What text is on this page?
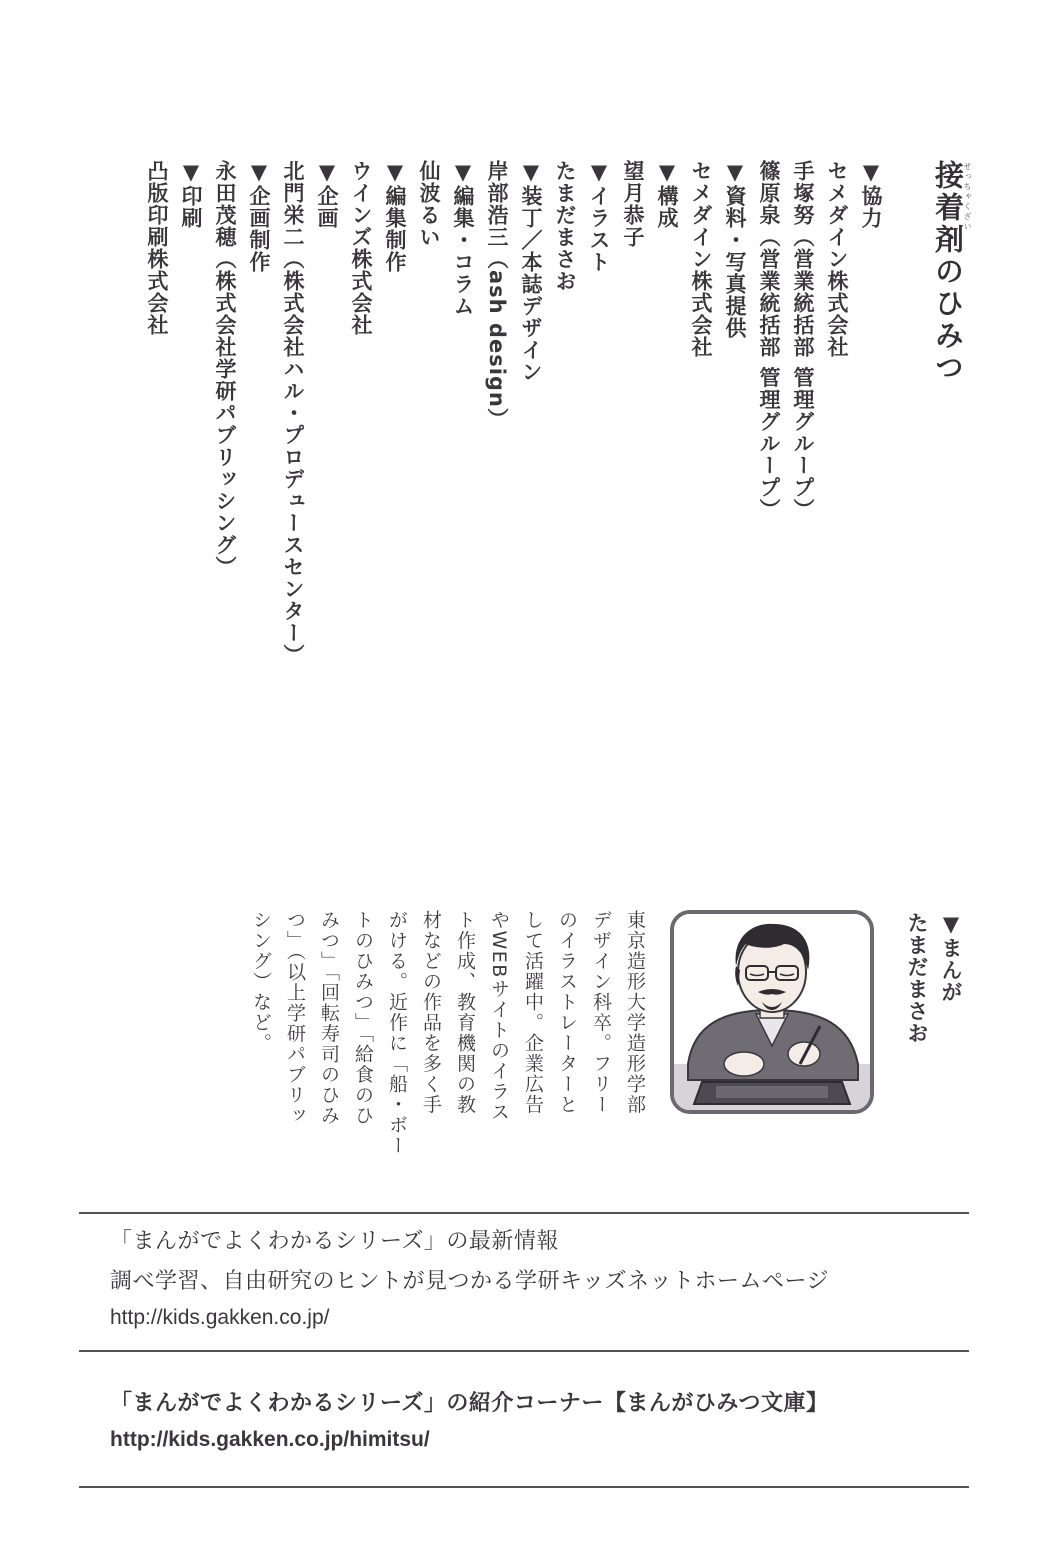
せっちゃくざい
接着剤のひみつ
▼協力
セメダイン株式会社
手塚努（営業統括部 管理グループ）
篠原泉（営業統括部 管理グループ）
▼資料・写真提供
セメダイン株式会社
▼構成
望月恭子
▼イラスト
たまだまさお
▼装丁／本誌デザイン
岸部浩三（ash design）
▼編集・コラム
仙波るい
▼編集制作
ウインズ株式会社
▼企画
北門栄二（株式会社ハル・プロデュースセンター）
▼企画制作
永田茂穂（株式会社学研パブリッシング）
▼印刷
凸版印刷株式会社
▼まんが
たまだまさお
東京造形大学造形学部
デザイン科卒。フリー
のイラストレーターと
して活躍中。企業広告
やWEBサイトのイラス
ト作成、教育機関の教
材などの作品を多く手
がける。近作に「船・ボー
トのひみつ」「給食のひ
みつ」「回転寿司のひみ
つ」（以上学研パブリッ
シング）など。
「まんがでよくわかるシリーズ」の最新情報
調べ学習、自由研究のヒントが見つかる学研キッズネットホームページ
http://kids.gakken.co.jp/
「まんがでよくわかるシリーズ」の紹介コーナー【まんがひみつ文庫】
http://kids.gakken.co.jp/himitsu/
